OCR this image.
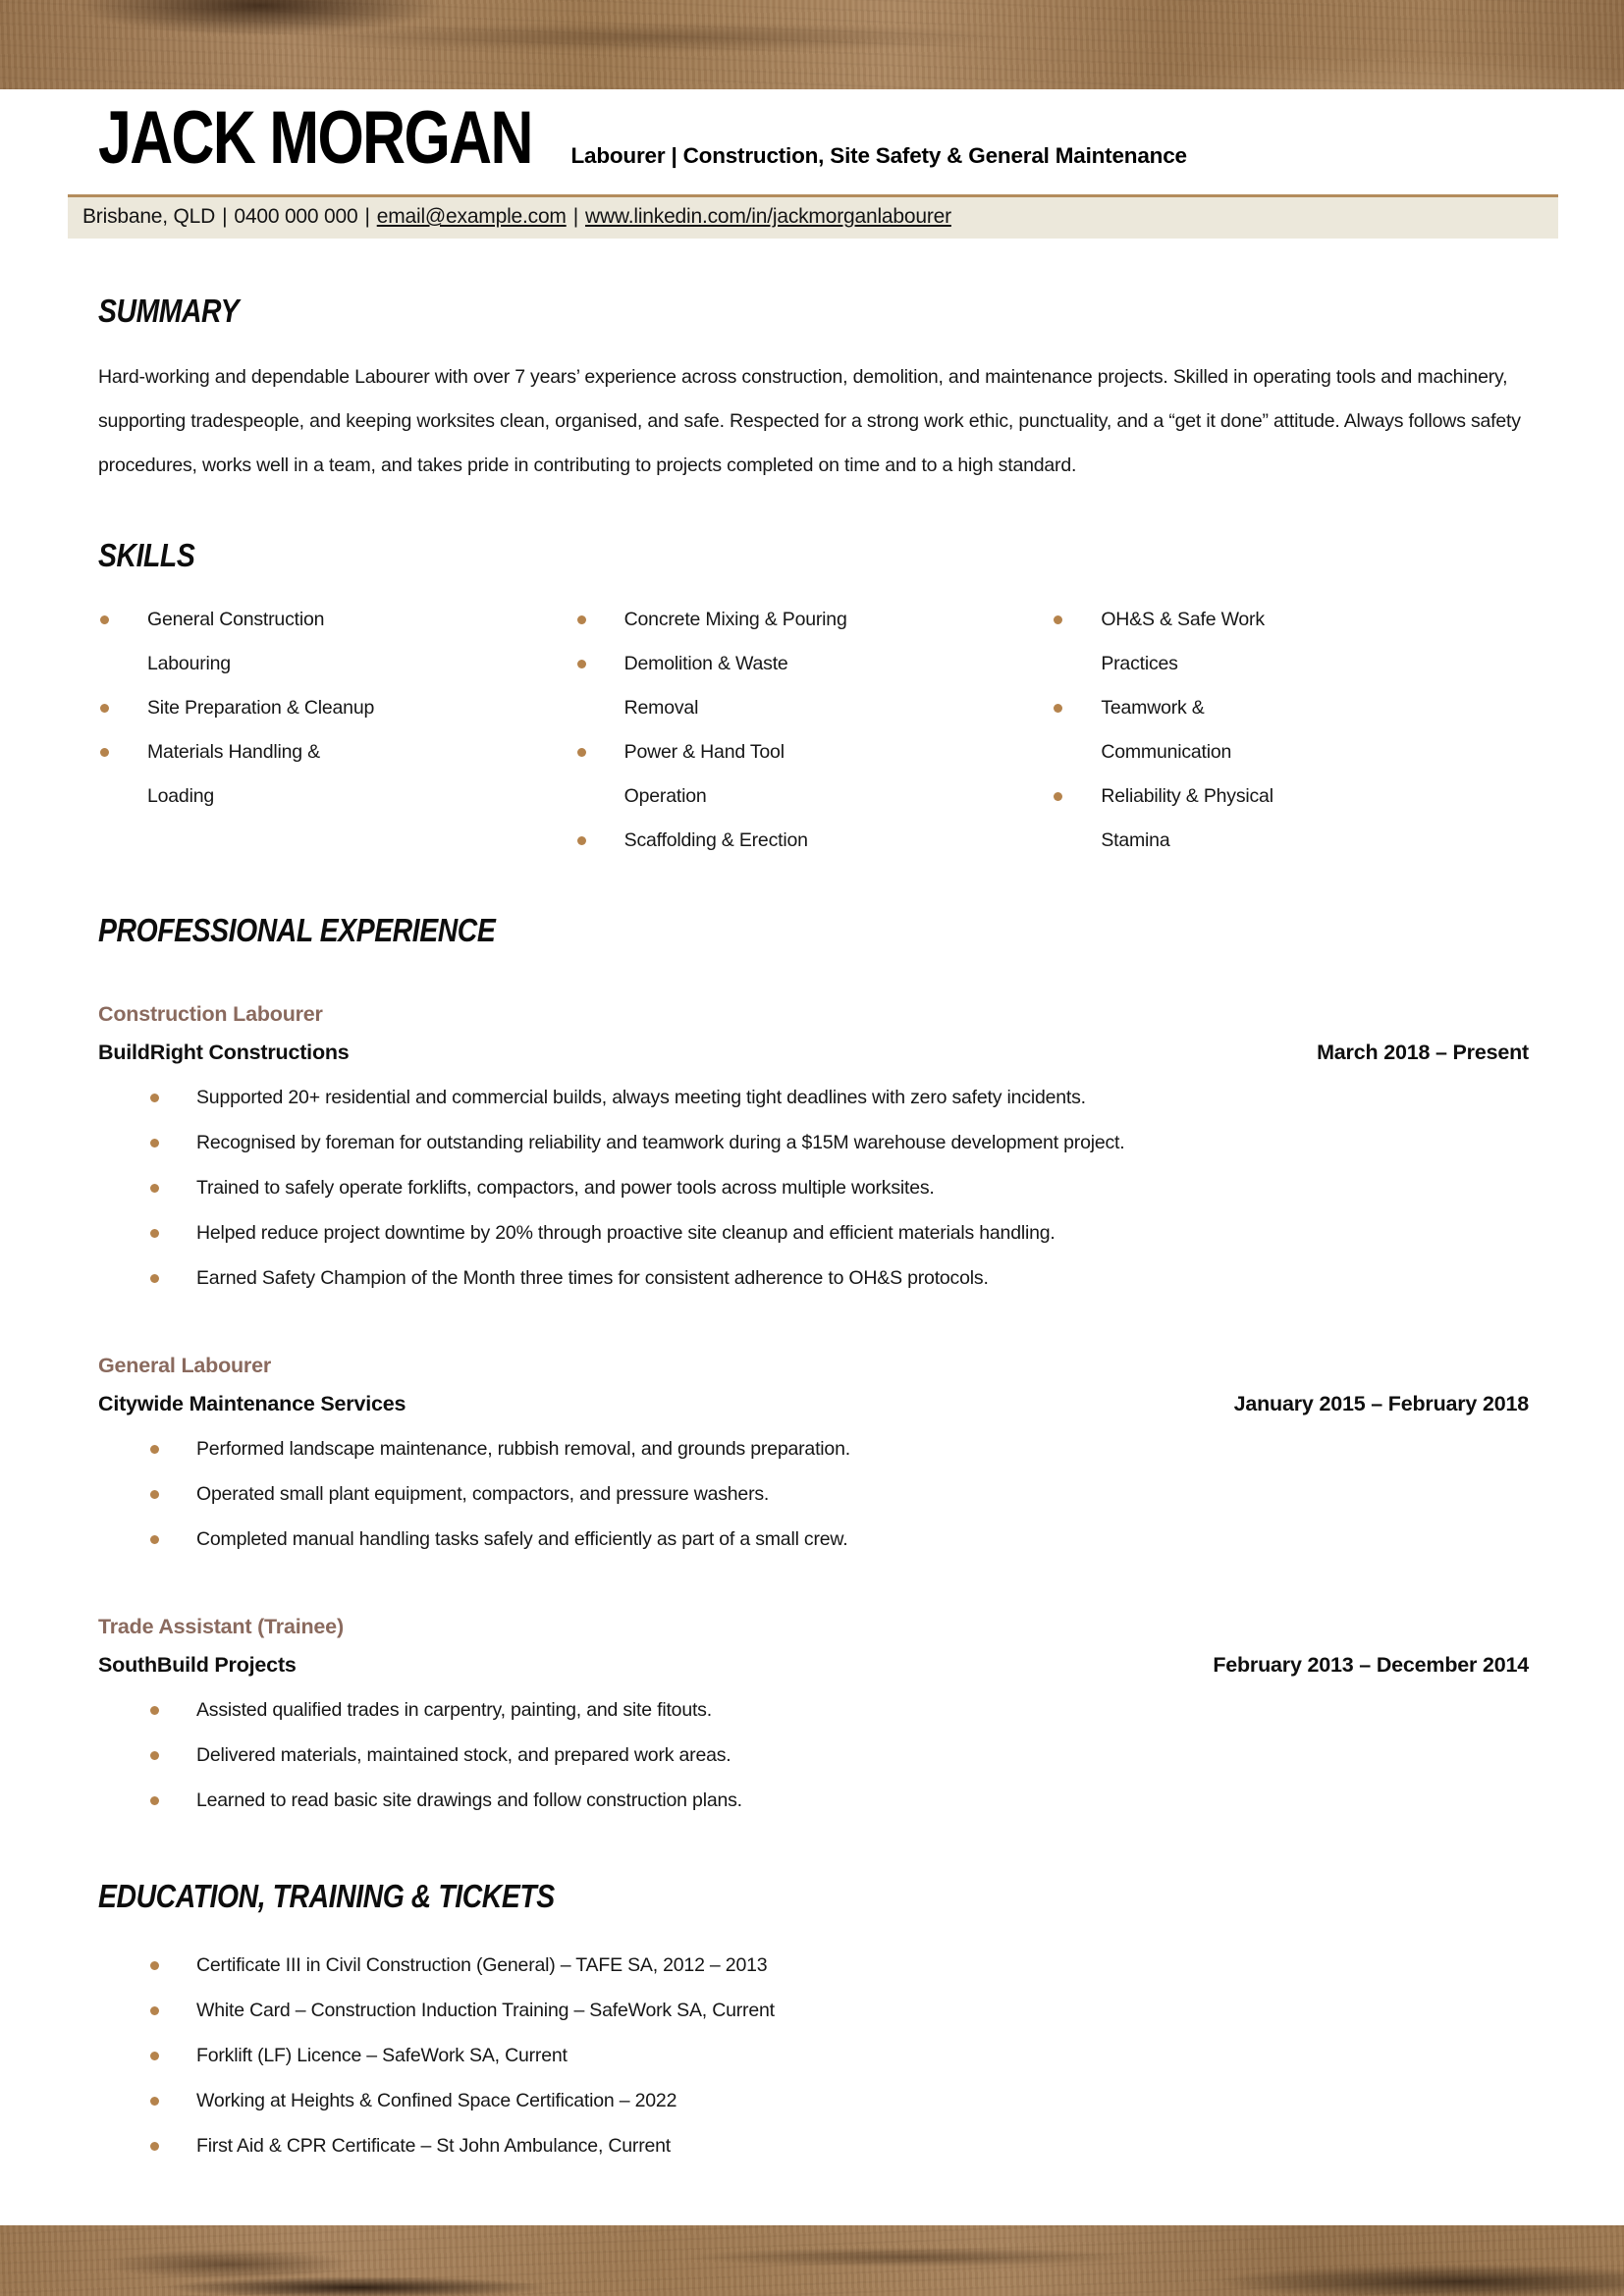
JACK MORGAN Labourer | Construction, Site Safety & General Maintenance
Brisbane, QLD | 0400 000 000 | email@example.com | www.linkedin.com/in/jackmorganlabourer
SUMMARY

Hard-working and dependable Labourer with over 7 years’ experience across construction, demolition, and maintenance projects. Skilled in operating tools and machinery, supporting tradespeople, and keeping worksites clean, organised, and safe. Respected for a strong work ethic, punctuality, and a “get it done” attitude. Always follows safety procedures, works well in a team, and takes pride in contributing to projects completed on time and to a high standard.

SKILLS
General Construction Labouring
Site Preparation & Cleanup
Materials Handling & Loading
Concrete Mixing & Pouring
Demolition & Waste Removal
Power & Hand Tool Operation
Scaffolding & Erection
OH&S & Safe Work Practices
Teamwork & Communication
Reliability & Physical Stamina
PROFESSIONAL EXPERIENCE
Construction Labourer
BuildRight Constructions	March 2018 – Present
Supported 20+ residential and commercial builds, always meeting tight deadlines with zero safety incidents.
Recognised by foreman for outstanding reliability and teamwork during a $15M warehouse development project.
Trained to safely operate forklifts, compactors, and power tools across multiple worksites.
Helped reduce project downtime by 20% through proactive site cleanup and efficient materials handling.
Earned Safety Champion of the Month three times for consistent adherence to OH&S protocols.
General Labourer
Citywide Maintenance Services	January 2015 – February 2018
Performed landscape maintenance, rubbish removal, and grounds preparation.
Operated small plant equipment, compactors, and pressure washers.
Completed manual handling tasks safely and efficiently as part of a small crew.
Trade Assistant (Trainee)
SouthBuild Projects	February 2013 – December 2014
Assisted qualified trades in carpentry, painting, and site fitouts.
Delivered materials, maintained stock, and prepared work areas.
Learned to read basic site drawings and follow construction plans.
EDUCATION, TRAINING & TICKETS
Certificate III in Civil Construction (General) – TAFE SA, 2012 – 2013
White Card – Construction Induction Training – SafeWork SA, Current
Forklift (LF) Licence – SafeWork SA, Current
Working at Heights & Confined Space Certification – 2022
First Aid & CPR Certificate – St John Ambulance, Current
